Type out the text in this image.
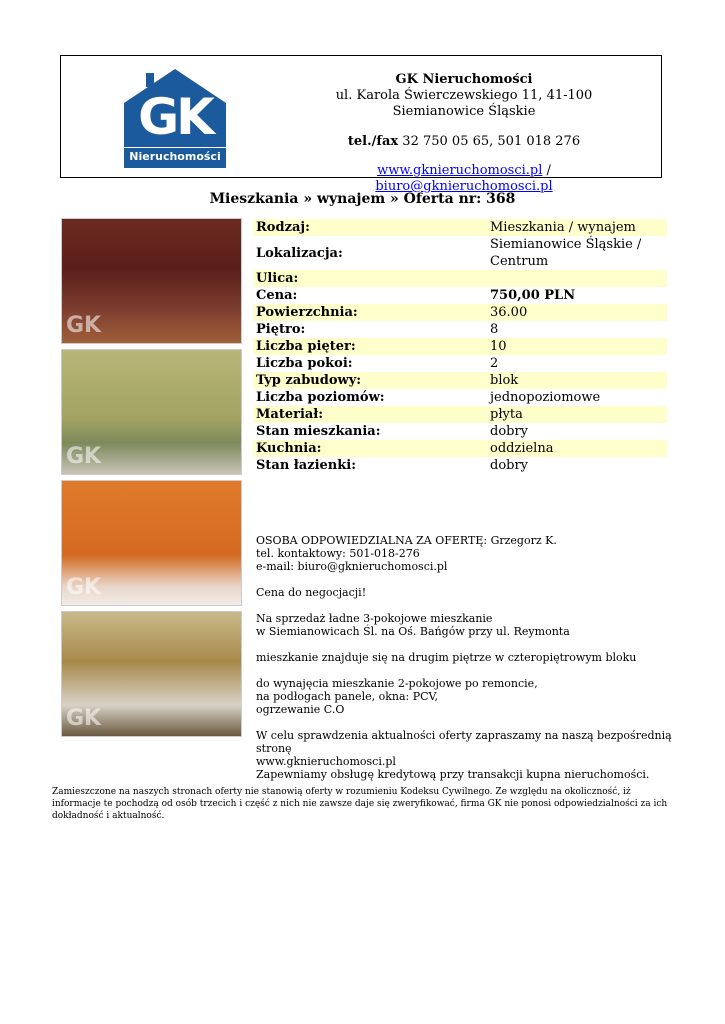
GK
Nieruchomości
GK Nieruchomości
ul. Karola Świerczewskiego 11, 41-100 Siemianowice Śląskie
tel./fax 32 750 05 65, 501 018 276
www.gknieruchomosci.pl / biuro@gknieruchomosci.pl
Mieszkania » wynajem » Oferta nr: 368
GK
GK
GK
GK
Rodzaj:	Mieszkania / wynajem
Lokalizacja:	Siemianowice Śląskie / Centrum
Ulica:	
Cena:	750,00 PLN
Powierzchnia:	36.00
Piętro:	8
Liczba pięter:	10
Liczba pokoi:	2
Typ zabudowy:	blok
Liczba poziomów:	jednopoziomowe
Materiał:	płyta
Stan mieszkania:	dobry
Kuchnia:	oddzielna
Stan łazienki:	dobry

OSOBA ODPOWIEDZIALNA ZA OFERTĘ: Grzegorz K.
tel. kontaktowy: 501-018-276
e-mail: biuro@gknieruchomosci.pl

Cena do negocjacji!

Na sprzedaż ładne 3-pokojowe mieszkanie
w Siemianowicach Śl. na Oś. Bańgów przy ul. Reymonta

mieszkanie znajduje się na drugim piętrze w czteropiętrowym bloku

do wynajęcia mieszkanie 2-pokojowe po remoncie,
na podłogach panele, okna: PCV,
ogrzewanie C.O

W celu sprawdzenia aktualności oferty zapraszamy na naszą bezpośrednią stronę
www.gknieruchomosci.pl
Zapewniamy obsługę kredytową przy transakcji kupna nieruchomości.

Zamieszczone na naszych stronach oferty nie stanowią oferty w rozumieniu Kodeksu Cywilnego. Ze względu na okoliczność, iż informacje te pochodzą od osób trzecich i część z nich nie zawsze daje się zweryfikować, firma GK nie ponosi odpowiedzialności za ich dokładność i aktualność.
